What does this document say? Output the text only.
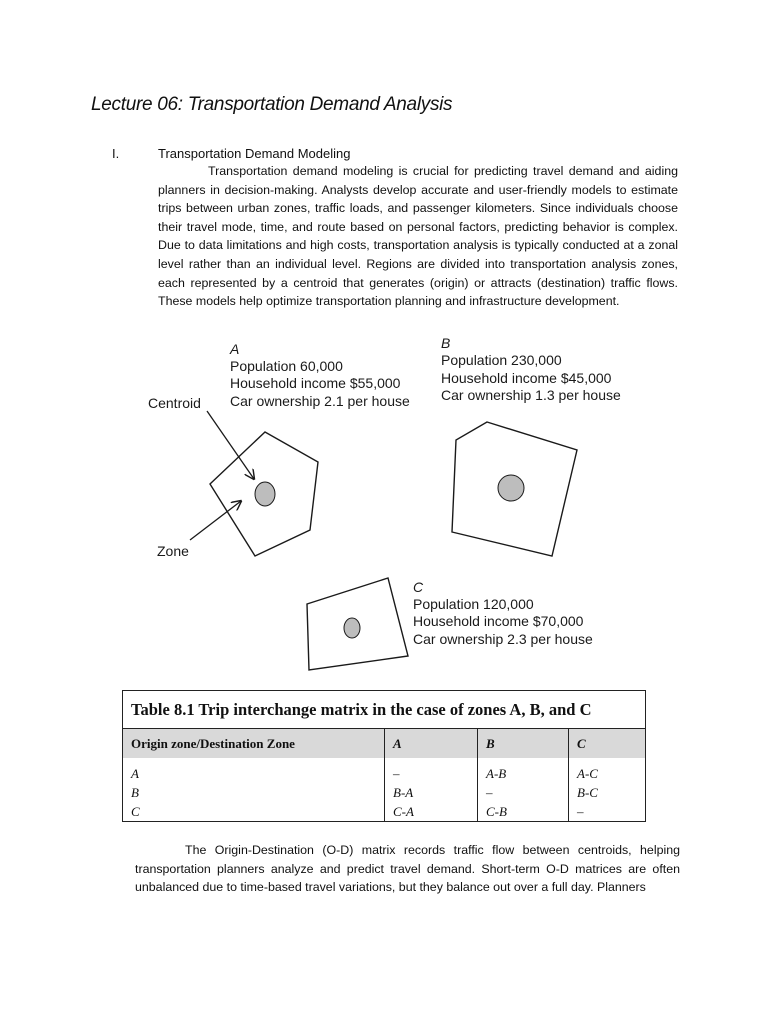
Lecture 06: Transportation Demand Analysis
I.	Transportation Demand Modeling

Transportation demand modeling is crucial for predicting travel demand and aiding planners in decision-making. Analysts develop accurate and user-friendly models to estimate trips between urban zones, traffic loads, and passenger kilometers. Since individuals choose their travel mode, time, and route based on personal factors, predicting behavior is complex. Due to data limitations and high costs, transportation analysis is typically conducted at a zonal level rather than an individual level. Regions are divided into transportation analysis zones, each represented by a centroid that generates (origin) or attracts (destination) traffic flows. These models help optimize transportation planning and infrastructure development.

Centroid
Zone
A
Population 60,000
Household income $55,000
Car ownership 2.1 per house
B
Population 230,000
Household income $45,000
Car ownership 1.3 per house
C
Population 120,000
Household income $70,000
Car ownership 2.3 per house
Table 8.1 Trip interchange matrix in the case of zones A, B, and C
Origin zone/Destination Zone	A	B	C
A	–	A-B	A-C
B	B-A	–	B-C
C	C-A	C-B	–

The Origin-Destination (O-D) matrix records traffic flow between centroids, helping transportation planners analyze and predict travel demand. Short-term O-D matrices are often unbalanced due to time-based travel variations, but they balance out over a full day. Planners
